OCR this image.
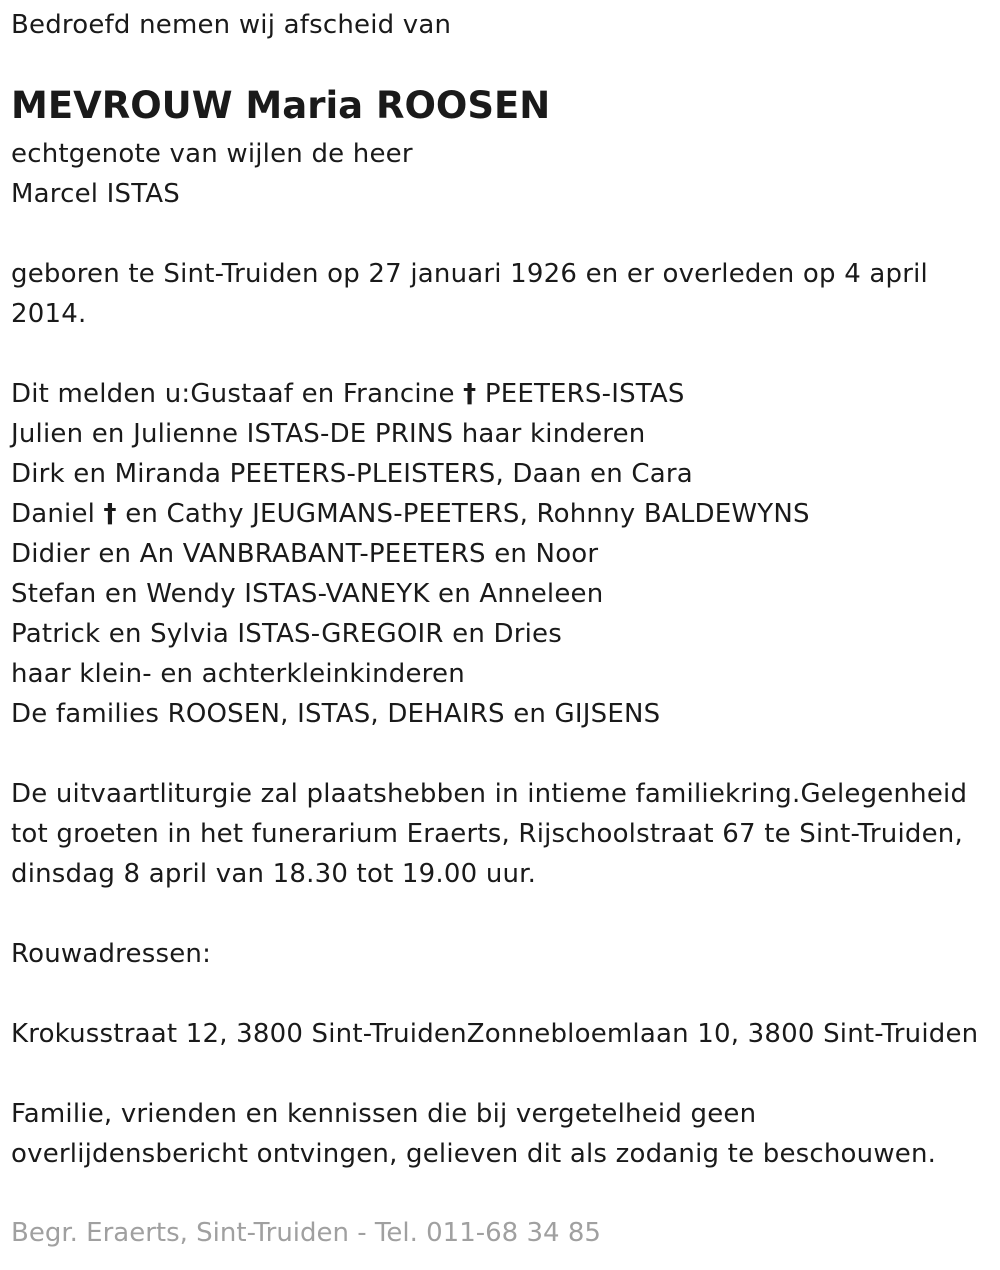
Bedroefd nemen wij afscheid van
MEVROUW Maria ROOSEN
echtgenote van wijlen de heer
Marcel ISTAS
geboren te Sint-Truiden op 27 januari 1926 en er overleden op 4 april
2014.
Dit melden u:Gustaaf en Francine † PEETERS-ISTAS
Julien en Julienne ISTAS-DE PRINS haar kinderen
Dirk en Miranda PEETERS-PLEISTERS, Daan en Cara
Daniel † en Cathy JEUGMANS-PEETERS, Rohnny BALDEWYNS
Didier en An VANBRABANT-PEETERS en Noor
Stefan en Wendy ISTAS-VANEYK en Anneleen
Patrick en Sylvia ISTAS-GREGOIR en Dries
haar klein- en achterkleinkinderen
De families ROOSEN, ISTAS, DEHAIRS en GIJSENS
De uitvaartliturgie zal plaatshebben in intieme familiekring.Gelegenheid
tot groeten in het funerarium Eraerts, Rijschoolstraat 67 te Sint-Truiden,
dinsdag 8 april van 18.30 tot 19.00 uur.
Rouwadressen:
Krokusstraat 12, 3800 Sint-TruidenZonnebloemlaan 10, 3800 Sint-Truiden
Familie, vrienden en kennissen die bij vergetelheid geen
overlijdensbericht ontvingen, gelieven dit als zodanig te beschouwen.
Begr. Eraerts, Sint-Truiden - Tel. 011-68 34 85
